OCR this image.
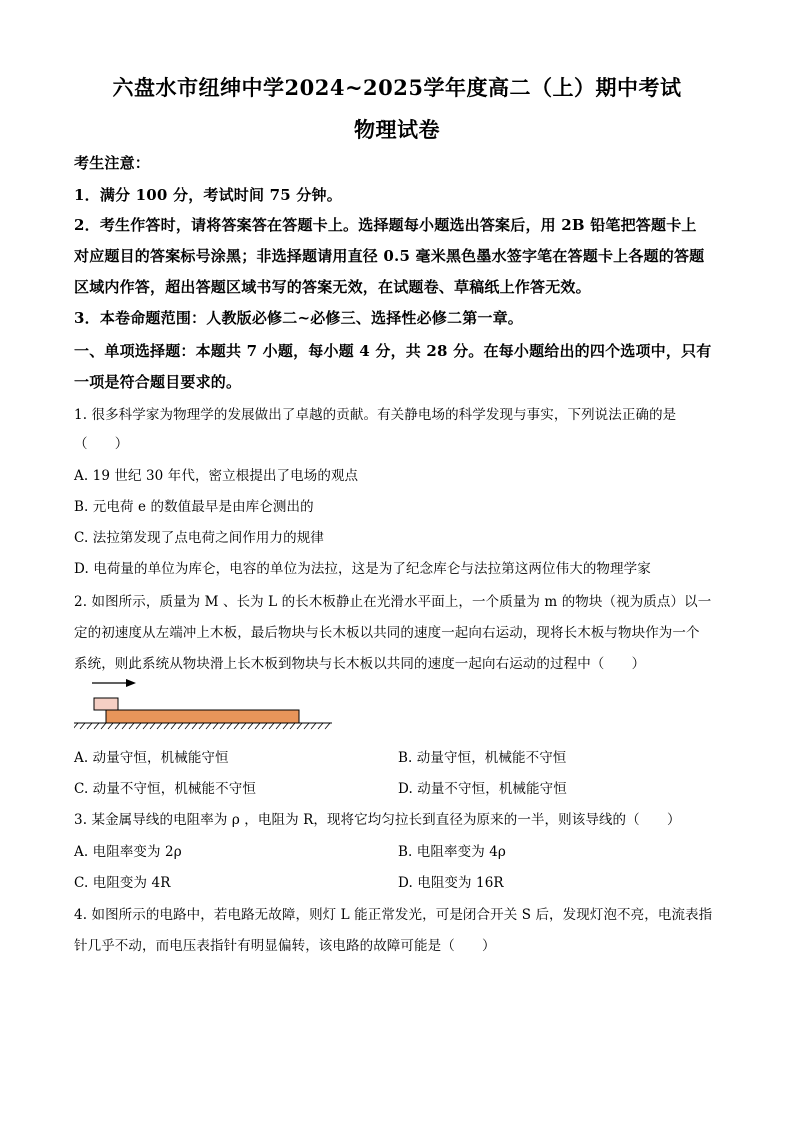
六盘水市纽绅中学2024~2025学年度高二（上）期中考试
物理试卷
考生注意：
1．满分 100 分，考试时间 75 分钟。
2．考生作答时，请将答案答在答题卡上。选择题每小题选出答案后，用 2B 铅笔把答题卡上
对应题目的答案标号涂黑；非选择题请用直径 0.5 毫米黑色墨水签字笔在答题卡上各题的答题
区域内作答，超出答题区域书写的答案无效，在试题卷、草稿纸上作答无效。
3．本卷命题范围：人教版必修二~必修三、选择性必修二第一章。
一、单项选择题：本题共 7 小题，每小题 4 分，共 28 分。在每小题给出的四个选项中，只有
一项是符合题目要求的。
1. 很多科学家为物理学的发展做出了卓越的贡献。有关静电场的科学发现与事实，下列说法正确的是
（　　）
A. 19 世纪 30 年代，密立根提出了电场的观点
B. 元电荷 e 的数值最早是由库仑测出的
C. 法拉第发现了点电荷之间作用力的规律
D. 电荷量的单位为库仑，电容的单位为法拉，这是为了纪念库仑与法拉第这两位伟大的物理学家
2. 如图所示，质量为 M 、长为 L 的长木板静止在光滑水平面上，一个质量为 m 的物块（视为质点）以一
定的初速度从左端冲上木板，最后物块与长木板以共同的速度一起向右运动，现将长木板与物块作为一个
系统，则此系统从物块滑上长木板到物块与长木板以共同的速度一起向右运动的过程中（　　）
A. 动量守恒，机械能守恒	B. 动量守恒，机械能不守恒
C. 动量不守恒，机械能不守恒	D. 动量不守恒，机械能守恒
3. 某金属导线的电阻率为 ρ ，电阻为 R，现将它均匀拉长到直径为原来的一半，则该导线的（　　）
A. 电阻率变为 2ρ	B. 电阻率变为 4ρ
C. 电阻变为 4R	D. 电阻变为 16R
4. 如图所示的电路中，若电路无故障，则灯 L 能正常发光，可是闭合开关 S 后，发现灯泡不亮，电流表指
针几乎不动，而电压表指针有明显偏转，该电路的故障可能是（　　）
